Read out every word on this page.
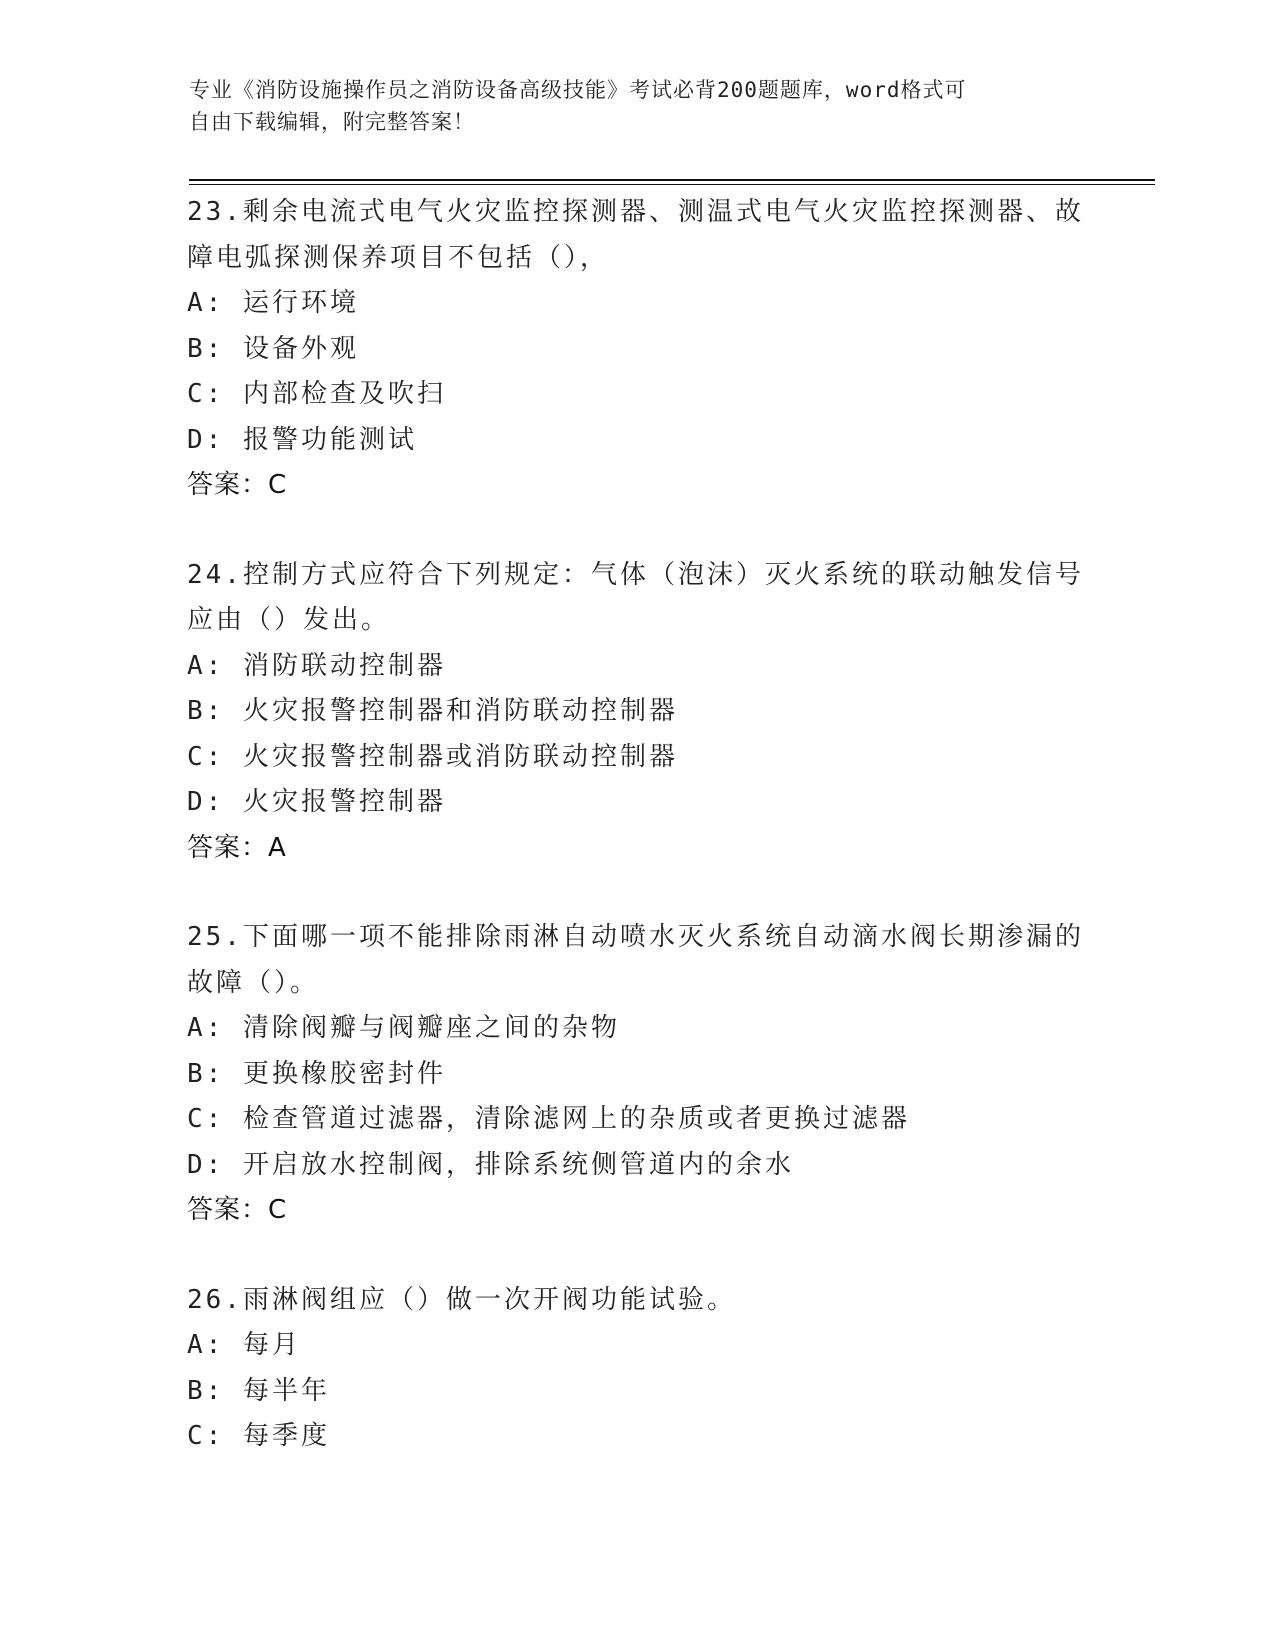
专业《消防设施操作员之消防设备高级技能》考试必背200题题库，word格式可
自由下载编辑，附完整答案！
23.剩余电流式电气火灾监控探测器、测温式电气火灾监控探测器、故
障电弧探测保养项目不包括（），
A: 运行环境
B: 设备外观
C: 内部检查及吹扫
D: 报警功能测试
答案：C
24.控制方式应符合下列规定：气体（泡沫）灭火系统的联动触发信号
应由（）发出。
A: 消防联动控制器
B: 火灾报警控制器和消防联动控制器
C: 火灾报警控制器或消防联动控制器
D: 火灾报警控制器
答案：A
25.下面哪一项不能排除雨淋自动喷水灭火系统自动滴水阀长期渗漏的
故障（）。
A: 清除阀瓣与阀瓣座之间的杂物
B: 更换橡胶密封件
C: 检查管道过滤器，清除滤网上的杂质或者更换过滤器
D: 开启放水控制阀，排除系统侧管道内的余水
答案：C
26.雨淋阀组应（）做一次开阀功能试验。
A: 每月
B: 每半年
C: 每季度
